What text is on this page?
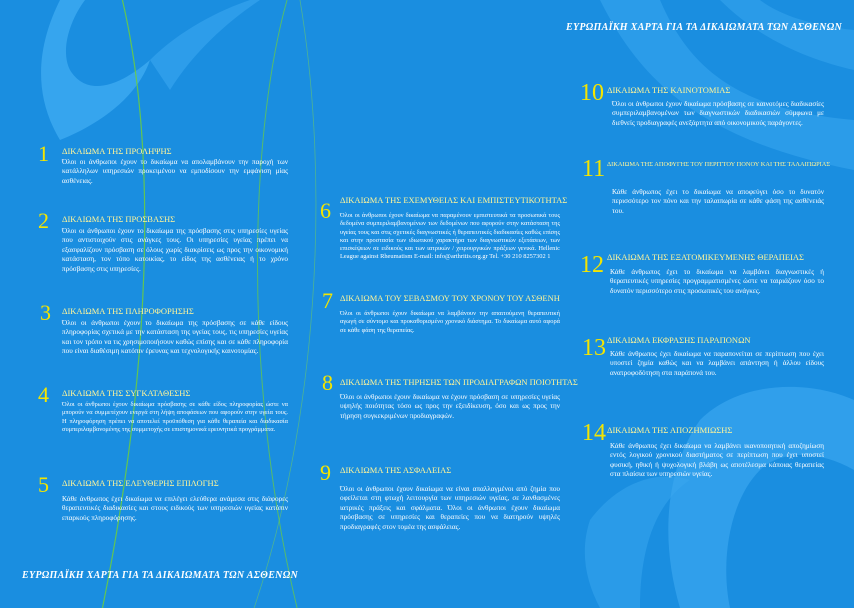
ΕΥΡΩΠΑΪΚΗ ΧΑΡΤΑ ΓΙΑ ΤΑ ΔΙΚΑΙΩΜΑΤΑ ΤΩΝ ΑΣΘΕΝΩΝ
ΕΥΡΩΠΑΪΚΗ ΧΑΡΤΑ ΓΙΑ ΤΑ ΔΙΚΑΙΩΜΑΤΑ ΤΩΝ ΑΣΘΕΝΩΝ
1 ΔΙΚΑΙΩΜΑ ΤΗΣ ΠΡΟΛΗΨΗΣ
Όλοι οι άνθρωποι έχουν το δικαίωμα να απολαμβάνουν την παροχή των κατάλληλων υπηρεσιών προκειμένου να εμποδίσουν την εμφάνιση μίας ασθένειας.
2 ΔΙΚΑΙΩΜΑ ΤΗΣ ΠΡΟΣΒΑΣΗΣ
Όλοι οι άνθρωποι έχουν το δικαίωμα της πρόσβασης στις υπηρεσίες υγείας που αντιστοιχούν στις ανάγκες τους. Οι υπηρεσίες υγείας πρέπει να εξασφαλίζουν πρόσβαση σε όλους χωρίς διακρίσεις ως προς την οικονομική κατάσταση, τον τόπο κατοικίας, το είδος της ασθένειας ή το χρόνο πρόσβασης στις υπηρεσίες.
3 ΔΙΚΑΙΩΜΑ ΤΗΣ ΠΛΗΡΟΦΟΡΗΣΗΣ
Όλοι οι άνθρωποι έχουν το δικαίωμα της πρόσβασης σε κάθε είδους πληροφορίας σχετικά με την κατάσταση της υγείας τους, τις υπηρεσίες υγείας και τον τρόπο να τις χρησιμοποιήσουν καθώς επίσης και σε κάθε πληροφορία που είναι διαθέσιμη κατόπιν έρευνας και τεχνολογικής καινοτομίας.
4 ΔΙΚΑΙΩΜΑ ΤΗΣ ΣΥΓΚΑΤΑΘΕΣΗΣ
Όλοι οι άνθρωποι έχουν δικαίωμα πρόσβασης σε κάθε είδος πληροφορίας ώστε να μπορούν να συμμετέχουν ενεργά στη λήψη αποφάσεων που αφορούν στην υγεία τους. Η πληροφόρηση πρέπει να αποτελεί προϋπόθεση για κάθε θεραπεία και διαδικασία συμπεριλαμβανομένης της συμμετοχής σε επιστημονικά ερευνητικά προγράμματα.
5 ΔΙΚΑΙΩΜΑ ΤΗΣ ΕΛΕΥΘΕΡΗΣ ΕΠΙΛΟΓΗΣ
Κάθε άνθρωπος έχει δικαίωμα να επιλέγει ελεύθερα ανάμεσα στις διάφορες θεραπευτικές διαδικασίες και στους ειδικούς των υπηρεσιών υγείας κατόπιν επαρκούς πληροφόρησης.
6 ΔΙΚΑΙΩΜΑ ΤΗΣ ΕΧΕΜΥΘΕΙΑΣ ΚΑΙ ΕΜΠΙΣΤΕΥΤΙΚΟΤΗΤΑΣ
Όλοι οι άνθρωποι έχουν δικαίωμα να παραμένουν εμπιστευτικά τα προσωπικά τους δεδομένα συμπεριλαμβανομένων των δεδομένων που αφορούν στην κατάσταση της υγείας τους και στις σχετικές διαγνωστικές ή θεραπευτικές διαδικασίες καθώς επίσης και στην προστασία των ιδιωτικού χαρακτήρα των διαγνωστικών εξετάσεων, των επισκέψεων σε ειδικούς και των ιατρικών / χειρουργικών πράξεων γενικά. Hellenic League against Rheumatism E-mail: info@arthritis.org.gr Tel. +30 210 8257302 1
7 ΔΙΚΑΙΩΜΑ ΤΟΥ ΣΕΒΑΣΜΟΥ ΤΟΥ ΧΡΟΝΟΥ ΤΟΥ ΑΣΘΕΝΗ
Όλοι οι άνθρωποι έχουν δικαίωμα να λαμβάνουν την απαιτούμενη θεραπευτική αγωγή σε σύντομο και προκαθορισμένο χρονικό διάστημα. Το δικαίωμα αυτό αφορά σε κάθε φάση της θεραπείας.
8 ΔΙΚΑΙΩΜΑ ΤΗΣ ΤΗΡΗΣΗΣ ΤΩΝ ΠΡΟΔΙΑΓΡΑΦΩΝ ΠΟΙΟΤΗΤΑΣ
Όλοι οι άνθρωποι έχουν δικαίωμα να έχουν πρόσβαση σε υπηρεσίες υγείας υψηλής ποιότητας τόσο ως προς την εξειδίκευση, όσο και ως προς την τήρηση συγκεκριμένων προδιαγραφών.
9 ΔΙΚΑΙΩΜΑ ΤΗΣ ΑΣΦΑΛΕΙΑΣ
Όλοι οι άνθρωποι έχουν δικαίωμα να είναι απαλλαγμένοι από ζημία που οφείλεται στη φτωχή λειτουργία των υπηρεσιών υγείας, σε λανθασμένες ιατρικές πράξεις και σφάλματα. Όλοι οι άνθρωποι έχουν δικαίωμα πρόσβασης σε υπηρεσίες και θεραπείες που να διατηρούν υψηλές προδιαγραφές στον τομέα της ασφάλειας.
10 ΔΙΚΑΙΩΜΑ ΤΗΣ ΚΑΙΝΟΤΟΜΙΑΣ
Όλοι οι άνθρωποι έχουν δικαίωμα πρόσβασης σε καινοτόμες διαδικασίες συμπεριλαμβανομένων των διαγνωστικών διαδικασιών σύμφωνα με διεθνείς προδιαγραφές ανεξάρτητα από οικονομικούς παράγοντες.
11 ΔΙΚΑΙΩΜΑ ΤΗΣ ΑΠΟΦΥΓΗΣ ΤΟΥ ΠΕΡΙΤΤΟΥ ΠΟΝΟΥ ΚΑΙ ΤΗΣ ΤΑΛΑΙΠΩΡΙΑΣ
Κάθε άνθρωπος έχει το δικαίωμα να αποφεύγει όσο το δυνατόν περισσότερο τον πόνο και την ταλαιπωρία σε κάθε φάση της ασθένειάς του.
12 ΔΙΚΑΙΩΜΑ ΤΗΣ ΕΞΑΤΟΜΙΚΕΥΜΕΝΗΣ ΘΕΡΑΠΕΙΑΣ
Κάθε άνθρωπος έχει το δικαίωμα να λαμβάνει διαγνωστικές ή θεραπευτικές υπηρεσίες προγραμματισμένες ώστε να ταιριάζουν όσο το δυνατόν περισσότερο στις προσωπικές του ανάγκες.
13 ΔΙΚΑΙΩΜΑ ΕΚΦΡΑΣΗΣ ΠΑΡΑΠΟΝΩΝ
Κάθε άνθρωπος έχει δικαίωμα να παραπονείται σε περίπτωση που έχει υποστεί ζημία καθώς και να λαμβάνει απάντηση ή άλλου είδους ανατροφοδότηση στα παράπονά του.
14 ΔΙΚΑΙΩΜΑ ΤΗΣ ΑΠΟΖΗΜΙΩΣΗΣ
Κάθε άνθρωπος έχει δικαίωμα να λαμβάνει ικανοποιητική αποζημίωση εντός λογικού χρονικού διαστήματος σε περίπτωση που έχει υποστεί φυσική, ηθική ή ψυχολογική βλάβη ως αποτέλεσμα κάποιας θεραπείας στα πλαίσια των υπηρεσιών υγείας.
